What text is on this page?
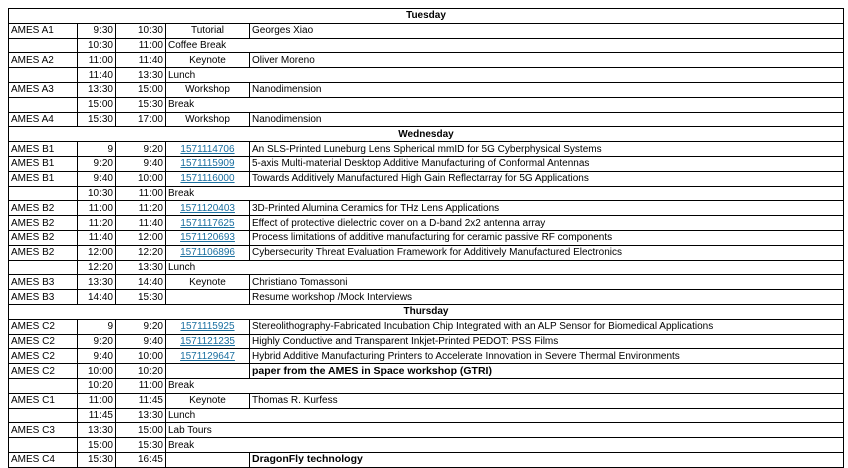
Tuesday				
AMES A1	9:30	10:30	Tutorial	Georges Xiao
	10:30	11:00	Coffee Break	
AMES A2	11:00	11:40	Keynote	Oliver Moreno
	11:40	13:30	Lunch	
AMES A3	13:30	15:00	Workshop	Nanodimension
	15:00	15:30	Break	
AMES A4	15:30	17:00	Workshop	Nanodimension
Wednesday				
AMES B1	9	9:20	1571114706	An SLS-Printed Luneburg Lens Spherical mmID for 5G Cyberphysical Systems
AMES B1	9:20	9:40	1571115909	5-axis Multi-material Desktop Additive Manufacturing of Conformal Antennas
AMES B1	9:40	10:00	1571116000	Towards Additively Manufactured High Gain Reflectarray for 5G Applications
	10:30	11:00	Break	
AMES B2	11:00	11:20	1571120403	3D-Printed Alumina Ceramics for THz Lens Applications
AMES B2	11:20	11:40	1571117625	Effect of protective dielectric cover on a D-band 2x2 antenna array
AMES B2	11:40	12:00	1571120693	Process limitations of additive manufacturing for ceramic passive RF components
AMES B2	12:00	12:20	1571106896	Cybersecurity Threat Evaluation Framework for Additively Manufactured Electronics
	12:20	13:30	Lunch	
AMES B3	13:30	14:40	Keynote	Christiano Tomassoni
AMES B3	14:40	15:30		Resume workshop /Mock Interviews
Thursday				
AMES C2	9	9:20	1571115925	Stereolithography-Fabricated Incubation Chip Integrated with an ALP Sensor for Biomedical Applications
AMES C2	9:20	9:40	1571121235	Highly Conductive and Transparent Inkjet-Printed PEDOT: PSS Films
AMES C2	9:40	10:00	1571129647	Hybrid Additive Manufacturing Printers to Accelerate Innovation in Severe Thermal Environments
AMES C2	10:00	10:20		paper from the AMES in Space workshop (GTRI)
	10:20	11:00	Break	
AMES C1	11:00	11:45	Keynote	Thomas R. Kurfess
	11:45	13:30	Lunch	
AMES C3	13:30	15:00	Lab Tours	
	15:00	15:30	Break	
AMES C4	15:30	16:45		DragonFly technology
